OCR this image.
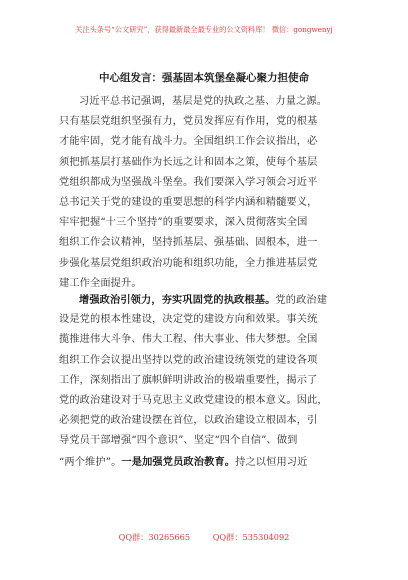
关注头条号“公文研究”，获得最新最全最专业的公文资料库！ 微信：gongwenyj
中心组发言：强基固本筑堡垒凝心聚力担使命
习近平总书记强调，基层是党的执政之基、力量之源。
只有基层党组织坚强有力，党员发挥应有作用，党的根基
才能牢固，党才能有战斗力。全国组织工作会议指出，必
须把抓基层打基础作为长远之计和固本之策，使每个基层
党组织都成为坚强战斗堡垒。我们要深入学习领会习近平
总书记关于党的建设的重要思想的科学内涵和精髓要义，
牢牢把握“十三个坚持”的重要要求，深入贯彻落实全国
组织工作会议精神，坚持抓基层、强基础、固根本，进一
步强化基层党组织政治功能和组织功能，全力推进基层党
建工作全面提升。
增强政治引领力，夯实巩固党的执政根基。党的政治建
设是党的根本性建设，决定党的建设方向和效果。事关统
揽推进伟大斗争、伟大工程、伟大事业、伟大梦想。全国
组织工作会议提出坚持以党的政治建设统领党的建设各项
工作，深刻指出了旗帜鲜明讲政治的极端重要性，揭示了
党的政治建设对于马克思主义政党建设的根本意义。因此，
必须把党的政治建设摆在首位，以政治建设立根固本，引
导党员干部增强“四个意识”、坚定“四个自信”、做到
“两个维护”。一是加强党员政治教育。持之以恒用习近
QQ群：30265665	QQ群：535304092
